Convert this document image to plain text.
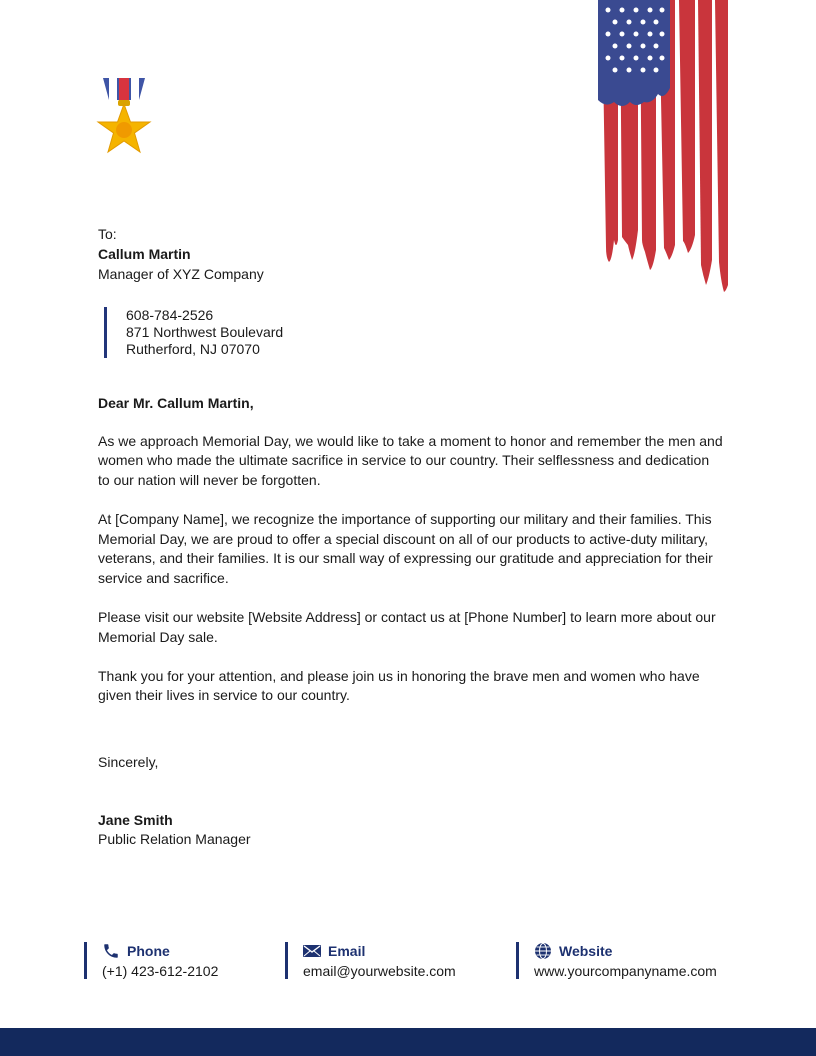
To:
Callum Martin
Manager of XYZ Company
608-784-2526
871 Northwest Boulevard
Rutherford, NJ 07070

Dear Mr. Callum Martin,

As we approach Memorial Day, we would like to take a moment to honor and remember the men and women who made the ultimate sacrifice in service to our country. Their selflessness and dedication to our nation will never be forgotten.

At [Company Name], we recognize the importance of supporting our military and their families. This Memorial Day, we are proud to offer a special discount on all of our products to active-duty military, veterans, and their families. It is our small way of expressing our gratitude and appreciation for their service and sacrifice.

Please visit our website [Website Address] or contact us at [Phone Number] to learn more about our Memorial Day sale.

Thank you for your attention, and please join us in honoring the brave men and women who have given their lives in service to our country.

Sincerely,
Jane Smith
Public Relation Manager
Phone
(+1) 423-612-2102
Email
email@yourwebsite.com
Website
www.yourcompanyname.com
